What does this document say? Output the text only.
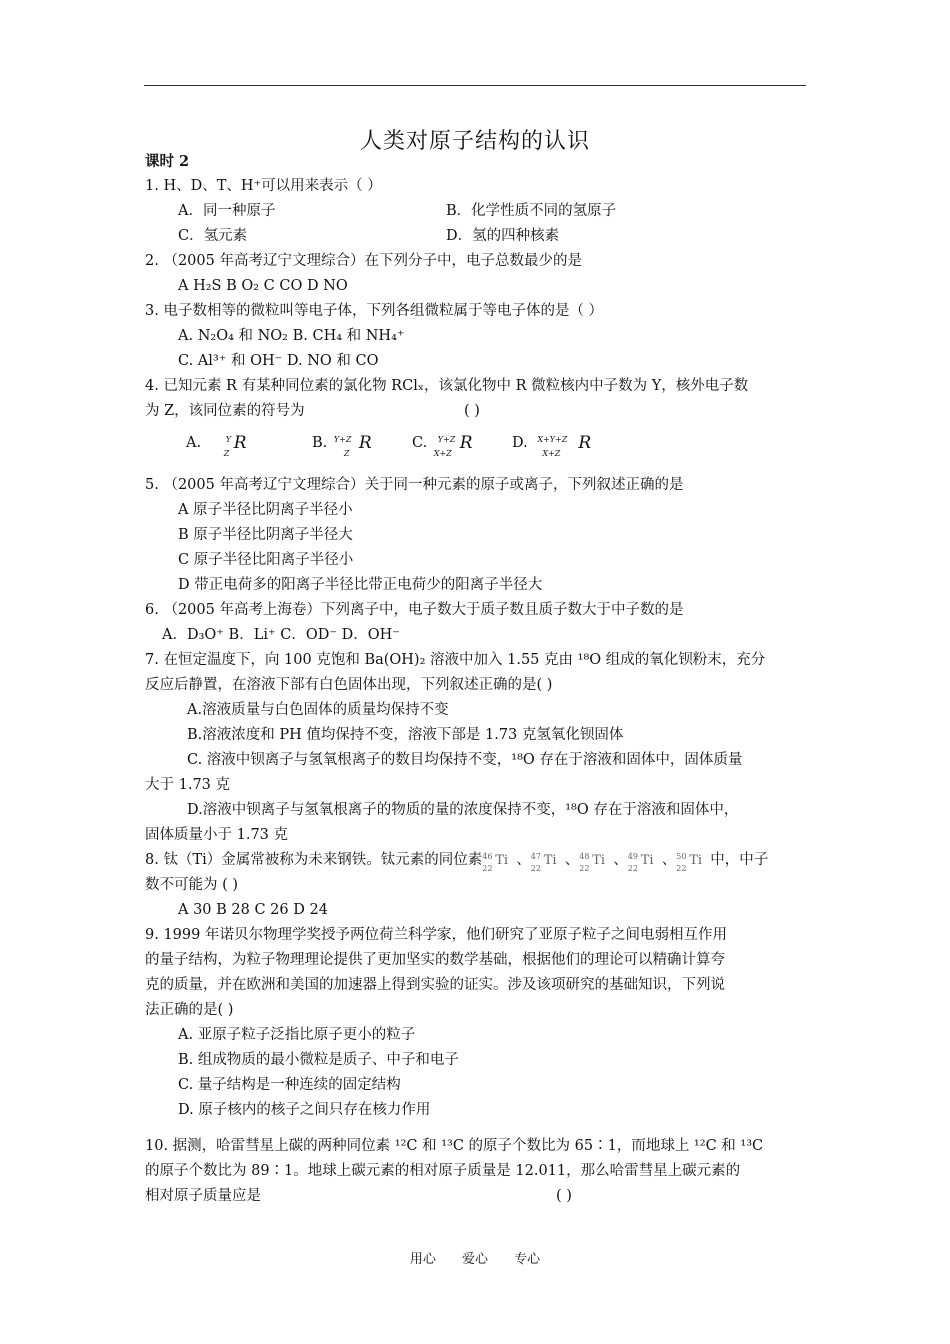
人类对原子结构的认识
课时 2
1. H、D、T、H⁺可以用来表示（ ）
A．同一种原子	B．化学性质不同的氢原子
C．氢元素	D．氢的四种核素
2. （2005 年高考辽宁文理综合）在下列分子中，电子总数最少的是
A H₂S B O₂ C CO D NO
3. 电子数相等的微粒叫等电子体，下列各组微粒属于等电子体的是（ ）
A. N₂O₄ 和 NO₂ B. CH₄ 和 NH₄⁺
C. Al³⁺ 和 OH⁻ D. NO 和 CO
4. 已知元素 R 有某种同位素的氯化物 RClₓ，该氯化物中 R 微粒核内中子数为 Y，核外电子数
为 Z，该同位素的符号为	( )
A.	Y
Z
R	B. Y+Z
Z
R	C. Y+Z
X+Z
R	D. X+Y+Z
X+Z
R
5. （2005 年高考辽宁文理综合）关于同一种元素的原子或离子，下列叙述正确的是
A 原子半径比阴离子半径小
B 原子半径比阴离子半径大
C 原子半径比阳离子半径小
D 带正电荷多的阳离子半径比带正电荷少的阳离子半径大
6. （2005 年高考上海卷）下列离子中，电子数大于质子数且质子数大于中子数的是
A．D₃O⁺ B．Li⁺ C．OD⁻ D．OH⁻
7. 在恒定温度下，向 100 克饱和 Ba(OH)₂ 溶液中加入 1.55 克由 ¹⁸O 组成的氧化钡粉末，充分
反应后静置，在溶液下部有白色固体出现，下列叙述正确的是( )
A.溶液质量与白色固体的质量均保持不变
B.溶液浓度和 PH 值均保持不变，溶液下部是 1.73 克氢氧化钡固体
C. 溶液中钡离子与氢氧根离子的数目均保持不变，¹⁸O 存在于溶液和固体中，固体质量
大于 1.73 克
D.溶液中钡离子与氢氧根离子的物质的量的浓度保持不变，¹⁸O 存在于溶液和固体中，
固体质量小于 1.73 克
8. 钛（Ti）金属常被称为未来钢铁。钛元素的同位素 46
22
Ti 、 47
22
Ti 、 48
22
Ti 、 49
22
Ti 、 50
22
Ti 中，中子
数不可能为 ( )
A 30 B 28 C 26 D 24
9. 1999 年诺贝尔物理学奖授予两位荷兰科学家，他们研究了亚原子粒子之间电弱相互作用
的量子结构，为粒子物理理论提供了更加坚实的数学基础，根据他们的理论可以精确计算夸
克的质量，并在欧洲和美国的加速器上得到实验的证实。涉及该项研究的基础知识，下列说
法正确的是( )
A. 亚原子粒子泛指比原子更小的粒子
B. 组成物质的最小微粒是质子、中子和电子
C. 量子结构是一种连续的固定结构
D. 原子核内的核子之间只存在核力作用
10. 据测，哈雷彗星上碳的两种同位素 ¹²C 和 ¹³C 的原子个数比为 65∶1，而地球上 ¹²C 和 ¹³C
的原子个数比为 89∶1。地球上碳元素的相对原子质量是 12.011，那么哈雷彗星上碳元素的
相对原子质量应是	( )
用心 爱心 专心
